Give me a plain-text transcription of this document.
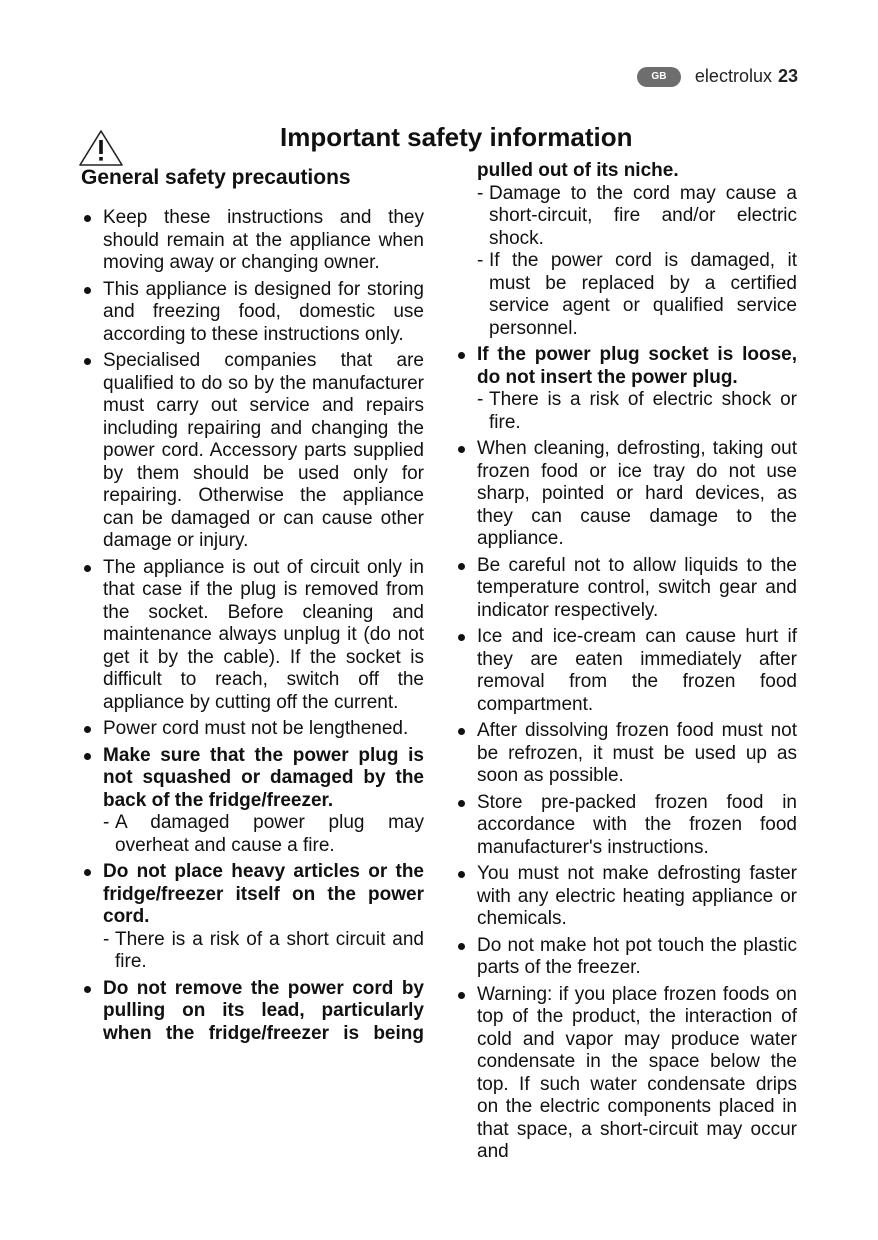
GB	electrolux 23
Important safety information
General safety precautions

Keep these instructions and they should remain at the appliance when moving away or changing owner.

This appliance is designed for storing and freezing food, domestic use according to these instructions only.

Specialised companies that are qualified to do so by the manufacturer must carry out service and repairs including repairing and changing the power cord. Accessory parts supplied by them should be used only for repairing. Otherwise the appliance can be damaged or can cause other damage or injury.

The appliance is out of circuit only in that case if the plug is removed from the socket. Before cleaning and maintenance always unplug it (do not get it by the cable). If the socket is difficult to reach, switch off the appliance by cutting off the current.

Power cord must not be lengthened.

Make sure that the power plug is not squashed or damaged by the back of the fridge/freezer.

- A damaged power plug may overheat and cause a fire.

Do not place heavy articles or the fridge/freezer itself on the power cord.

- There is a risk of a short circuit and fire.

Do not remove the power cord by pulling on its lead, particularly when the fridge/freezer is being

pulled out of its niche.

- Damage to the cord may cause a short-circuit, fire and/or electric shock.

- If the power cord is damaged, it must be replaced by a certified service agent or qualified service personnel.

If the power plug socket is loose, do not insert the power plug.

- There is a risk of electric shock or fire.

When cleaning, defrosting, taking out frozen food or ice tray do not use sharp, pointed or hard devices, as they can cause damage to the appliance.

Be careful not to allow liquids to the temperature control, switch gear and indicator respectively.

Ice and ice-cream can cause hurt if they are eaten immediately after removal from the frozen food compartment.

After dissolving frozen food must not be refrozen, it must be used up as soon as possible.

Store pre-packed frozen food in accordance with the frozen food manufacturer's instructions.

You must not make defrosting faster with any electric heating appliance or chemicals.

Do not make hot pot touch the plastic parts of the freezer.

Warning: if you place frozen foods on top of the product, the interaction of cold and vapor may produce water condensate in the space below the top. If such water condensate drips on the electric components placed in that space, a short-circuit may occur and
